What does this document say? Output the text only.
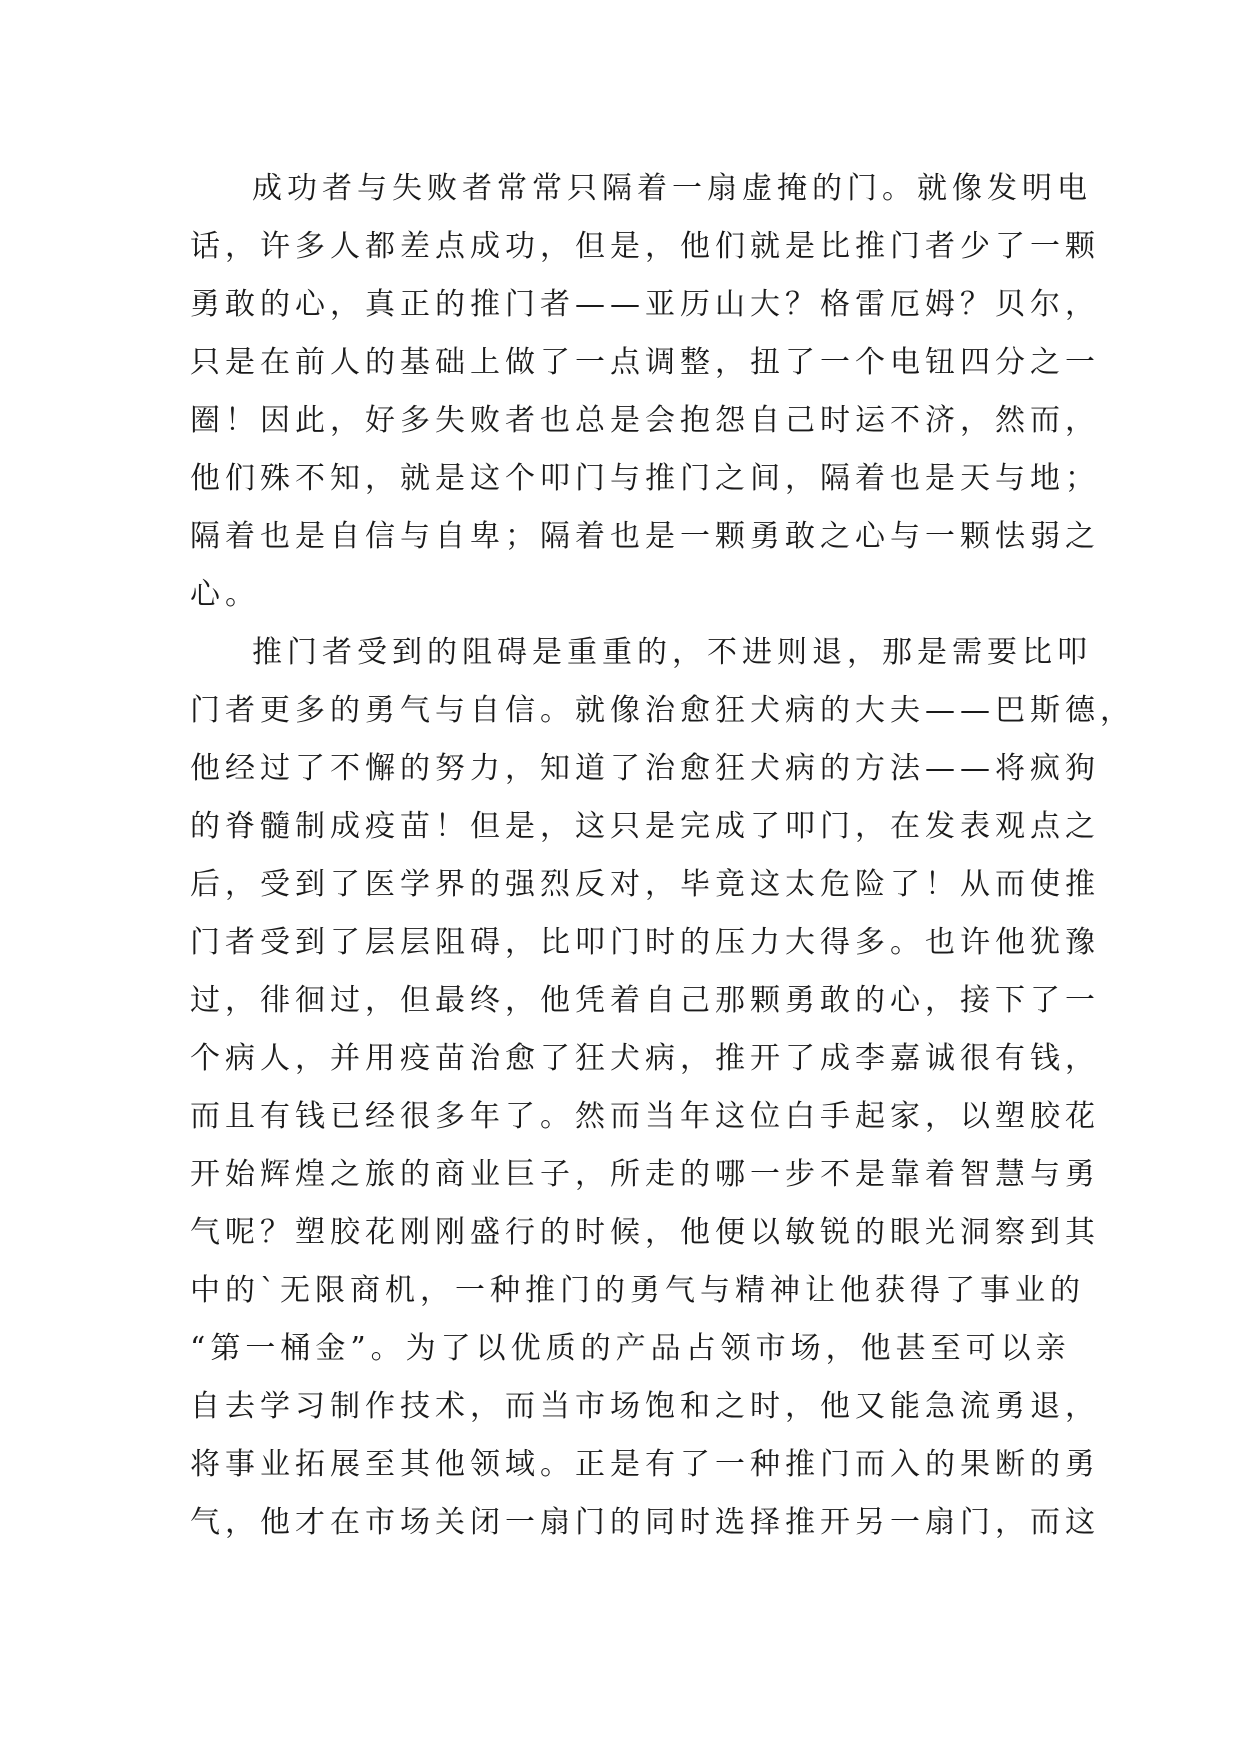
成功者与失败者常常只隔着一扇虚掩的门。就像发明电
话，许多人都差点成功，但是，他们就是比推门者少了一颗
勇敢的心，真正的推门者——亚历山大？格雷厄姆？贝尔，
只是在前人的基础上做了一点调整，扭了一个电钮四分之一
圈！因此，好多失败者也总是会抱怨自己时运不济，然而，
他们殊不知，就是这个叩门与推门之间，隔着也是天与地；
隔着也是自信与自卑；隔着也是一颗勇敢之心与一颗怯弱之
心。
推门者受到的阻碍是重重的，不进则退，那是需要比叩
门者更多的勇气与自信。就像治愈狂犬病的大夫——巴斯德，
他经过了不懈的努力，知道了治愈狂犬病的方法——将疯狗
的脊髓制成疫苗！但是，这只是完成了叩门，在发表观点之
后，受到了医学界的强烈反对，毕竟这太危险了！从而使推
门者受到了层层阻碍，比叩门时的压力大得多。也许他犹豫
过，徘徊过，但最终，他凭着自己那颗勇敢的心，接下了一
个病人，并用疫苗治愈了狂犬病，推开了成李嘉诚很有钱，
而且有钱已经很多年了。然而当年这位白手起家，以塑胶花
开始辉煌之旅的商业巨子，所走的哪一步不是靠着智慧与勇
气呢？塑胶花刚刚盛行的时候，他便以敏锐的眼光洞察到其
中的`无限商机，一种推门的勇气与精神让他获得了事业的
“第一桶金”。为了以优质的产品占领市场，他甚至可以亲
自去学习制作技术，而当市场饱和之时，他又能急流勇退，
将事业拓展至其他领域。正是有了一种推门而入的果断的勇
气，他才在市场关闭一扇门的同时选择推开另一扇门，而这
